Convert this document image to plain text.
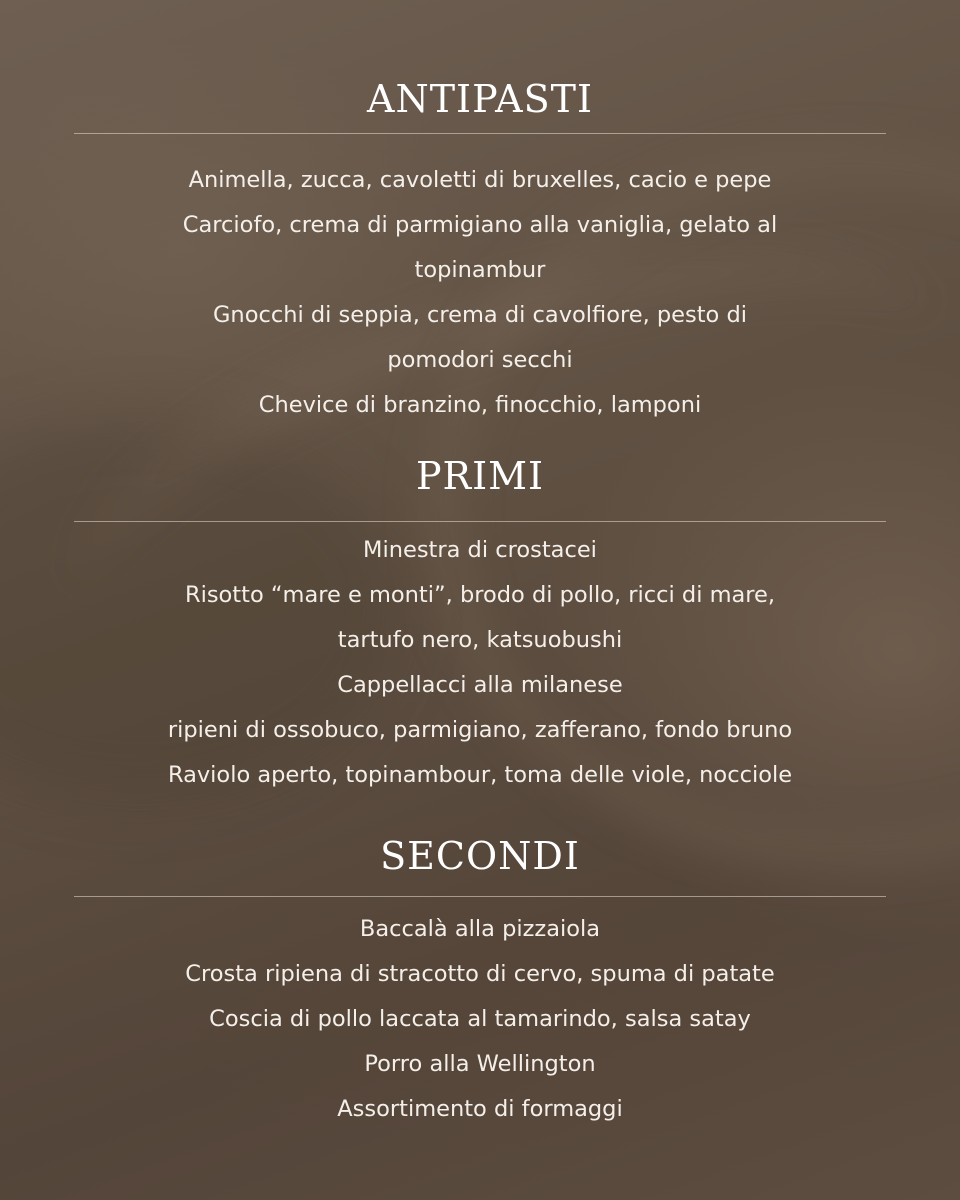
ANTIPASTI
Animella, zucca, cavoletti di bruxelles, cacio e pepe
Carciofo, crema di parmigiano alla vaniglia, gelato al
topinambur
Gnocchi di seppia, crema di cavolfiore, pesto di
pomodori secchi
Chevice di branzino, finocchio, lamponi
PRIMI
Minestra di crostacei
Risotto “mare e monti”, brodo di pollo, ricci di mare,
tartufo nero, katsuobushi
Cappellacci alla milanese
ripieni di ossobuco, parmigiano, zafferano, fondo bruno
Raviolo aperto, topinambour, toma delle viole, nocciole
SECONDI
Baccalà alla pizzaiola
Crosta ripiena di stracotto di cervo, spuma di patate
Coscia di pollo laccata al tamarindo, salsa satay
Porro alla Wellington
Assortimento di formaggi
